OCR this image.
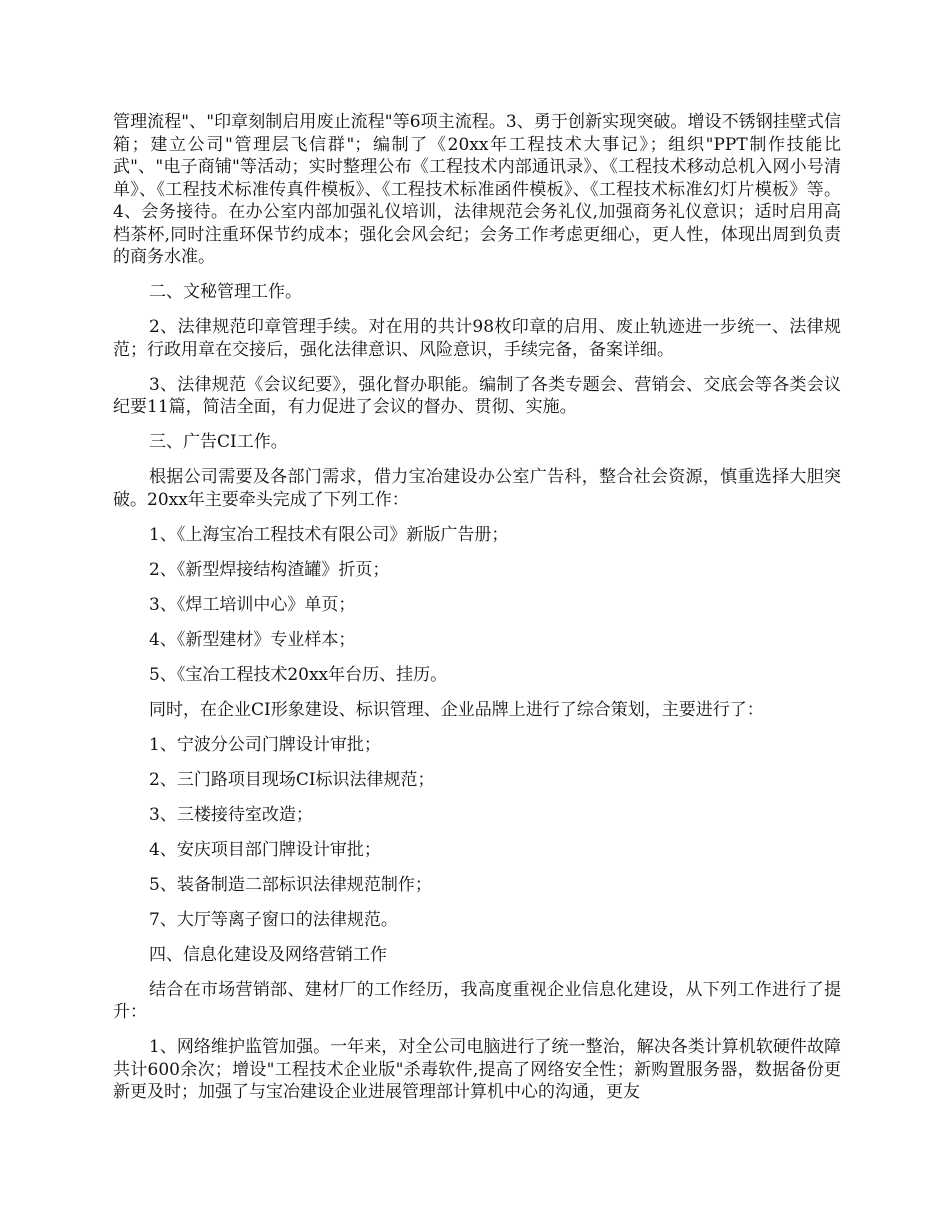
管理流程"、"印章刻制启用废止流程"等6项主流程。3、勇于创新实现突破。增设不锈钢挂壁式信箱；建立公司"管理层飞信群"；编制了《20xx年工程技术大事记》；组织"PPT制作技能比武"、"电子商铺"等活动；实时整理公布《工程技术内部通讯录》、《工程技术移动总机入网小号清单》、《工程技术标准传真件模板》、《工程技术标准函件模板》、《工程技术标准幻灯片模板》等。4、会务接待。在办公室内部加强礼仪培训，法律规范会务礼仪,加强商务礼仪意识；适时启用高档茶杯,同时注重环保节约成本；强化会风会纪；会务工作考虑更细心，更人性，体现出周到负责的商务水准。

二、文秘管理工作。

2、法律规范印章管理手续。对在用的共计98枚印章的启用、废止轨迹进一步统一、法律规范；行政用章在交接后，强化法律意识、风险意识，手续完备，备案详细。

3、法律规范《会议纪要》，强化督办职能。编制了各类专题会、营销会、交底会等各类会议纪要11篇，简洁全面，有力促进了会议的督办、贯彻、实施。

三、广告CI工作。

根据公司需要及各部门需求，借力宝冶建设办公室广告科，整合社会资源，慎重选择大胆突破。20xx年主要牵头完成了下列工作：

1、《上海宝冶工程技术有限公司》新版广告册；

2、《新型焊接结构渣罐》折页；

3、《焊工培训中心》单页；

4、《新型建材》专业样本；

5、《宝冶工程技术20xx年台历、挂历。

同时，在企业CI形象建设、标识管理、企业品牌上进行了综合策划，主要进行了：

1、宁波分公司门牌设计审批；

2、三门路项目现场CI标识法律规范；

3、三楼接待室改造；

4、安庆项目部门牌设计审批；

5、装备制造二部标识法律规范制作；

7、大厅等离子窗口的法律规范。

四、信息化建设及网络营销工作

结合在市场营销部、建材厂的工作经历，我高度重视企业信息化建设，从下列工作进行了提升：

1、网络维护监管加强。一年来，对全公司电脑进行了统一整治，解决各类计算机软硬件故障共计600余次；增设"工程技术企业版"杀毒软件,提高了网络安全性；新购置服务器，数据备份更新更及时；加强了与宝冶建设企业进展管理部计算机中心的沟通，更友
